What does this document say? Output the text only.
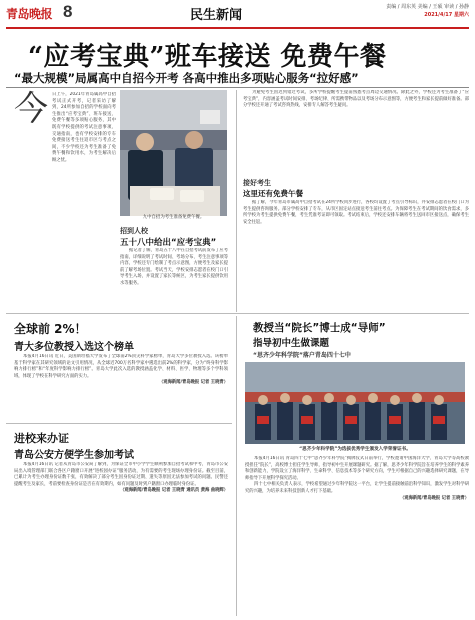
青岛晚报 8	民生新闻
责编 / 周东英 美编 / 王硕 审读 / 孙静
2021/4/17 星期六
“应考宝典”班车接送 免费午餐
“最大规模”局属高中自招今开考 各高中推出多项贴心服务“拉好感”
今 日上午，2021年青岛属高中自招考试正式开考，记者采访了解到，24所参加自招的学校面向考生推出“应考宝典”、班车接送、免费午餐等多项贴心服务，其中既有学校提供的考试注意事项、交通指南，也有学校安排的专车免费接送考生往返市区与考点之间，不少学校还为考生准备了免费午餐和饮用水，为考生解决后顾之忧。

九中自招为考生准备免费午餐。
招到人校
五十八中给出“应考宝典”

据记者了解，青岛五十八中在自招考试前发布了应考指南，详细说明了考试时间、考场分布、考生注意事项等内容，学校还专门绘制了考点示意图，方便考生及家长提前了解考场位置。考试当天，学校安排志愿者在校门口引导考生入场，并设置了家长等候区，为考生家长提供饮用水等服务。

为避免考生因迟到错过考试，多所学校提醒考生提前熟悉考点周边交通情况。除此之外，学校还为考生准备了“应考宝典”，内容涵盖考试时间安排、考场纪律、所需携带物品以及考场分布示意图等，方便考生和家长提前做好准备。部分学校还开通了考试咨询热线，安排专人解答考生疑问。

接好考生
这里还有免费午餐

据了解，今年青岛市属高中自招考试在24所学校同步进行，各校均设置了考点引导标识，并安排志愿者在校门口为考生提供咨询服务。部分学校安排了专车，从市区固定站点接送考生前往考点。为保障考生在考试期间的饮食需求，多所学校为考生提供免费午餐，考生凭准考证即可领取。考试结束后，学校还安排车辆将考生送回市区接送点，确保考生安全往返。

全球前 2%！
青大多位教授入选这个榜单

本报4月16日讯 近日，美国斯坦福大学发布了全球前2%顶尖科学家榜单，青岛大学多位教授入选。该榜单基于科学家在其研究领域的论文引用情况，从全球近700万名科学家中遴选出前2%的科学家，分为“终身科学影响力排行榜”和“年度科学影响力排行榜”。青岛大学此次入选的教授涵盖化学、材料、医学、物理等多个学科领域，体现了学校在科学研究方面的实力。

（观海新闻/青岛晚报 记者 王晓青）

进校来办证
青岛公安方便学生参加考试

本报4月16日讯 记者从青岛市公安局了解到，为保证全市中小学学生顺利参加自招考试和中考，青岛市公安局出入境管理部门联合各区户籍窗口开展“进校园办证”服务活动，为有需要的考生现场办理身份证。截至目前，已累计为考生办理身份证数千张，有效解决了部分考生因身份证过期、遗失等原因无法参加考试的问题。民警还提醒考生及家长，考前要检查身份证是否在有效期内，如有问题及时到户籍窗口办理临时身份证。

（观海新闻/青岛晚报 记者 王晓青 通讯员 黄海 曲晓辉）

教授当“院长”博士成“导师”
指导初中生做课题
“思齐少年科学院”落户青岛四十七中
“思齐少年科学院”为选拔优秀学生颁发入学荣誉证书。

本报4月16日讯 青岛四十七中“思齐少年科学院”揭牌仪式日前举行，学校邀请中国海洋大学、青岛大学等高校教授担任“院长”，高校博士担任学生导师，指导初中生开展课题研究。据了解，思齐少年科学院旨在培养学生的科学素养和创新能力，学院设立了海洋科学、生命科学、信息技术等多个研究方向，学生可根据自己的兴趣选择研究课题，在导师指导下开展科学探究活动。

四十七中相关负责人表示，学校希望通过少年科学院这一平台，让学生提前接触前沿科学知识，激发学生对科学研究的兴趣，为培养未来科技创新人才打下基础。

（观海新闻/青岛晚报 记者 王晓青）
